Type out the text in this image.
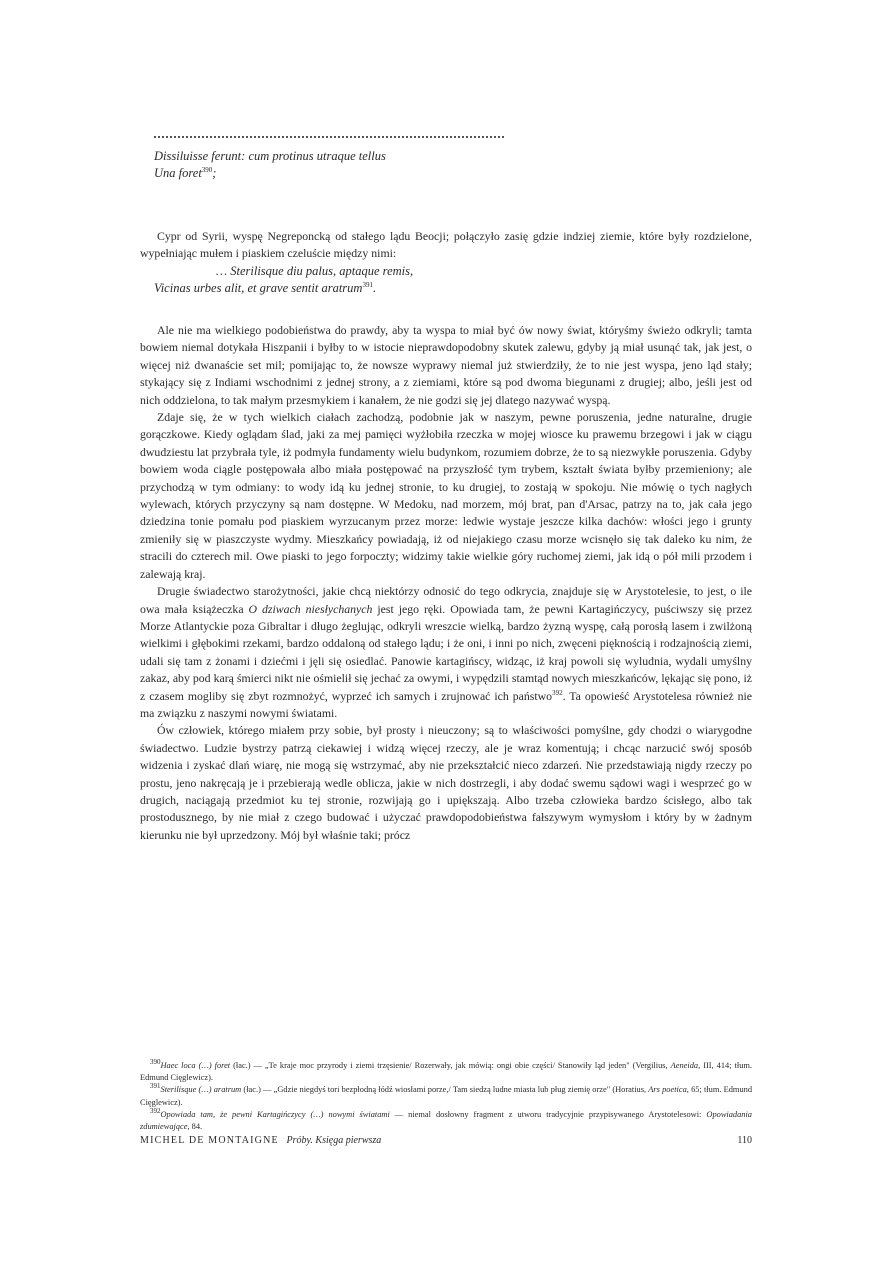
Dissiluisse ferunt: cum protinus utraque tellus
Una foret$^{390}$;

Cypr od Syrii, wyspę Negreponcką od stałego lądu Beocji; połączyło zasię gdzie indziej ziemie, które były rozdzielone, wypełniając mułem i piaskiem czeluście między nimi:

… Sterilisque diu palus, aptaque remis,
Vicinas urbes alit, et grave sentit aratrum$^{391}$.

Ale nie ma wielkiego podobieństwa do prawdy, aby ta wyspa to miał być ów nowy świat, któryśmy świeżo odkryli; tamta bowiem niemal dotykała Hiszpanii i byłby to w istocie nieprawdopodobny skutek zalewu, gdyby ją miał usunąć tak, jak jest, o więcej niż dwanaście set mil; pomijając to, że nowsze wyprawy niemal już stwierdziły, że to nie jest wyspa, jeno ląd stały; stykający się z Indiami wschodnimi z jednej strony, a z ziemiami, które są pod dwoma biegunami z drugiej; albo, jeśli jest od nich oddzielona, to tak małym przesmykiem i kanałem, że nie godzi się jej dlatego nazywać wyspą.

Zdaje się, że w tych wielkich ciałach zachodzą, podobnie jak w naszym, pewne poruszenia, jedne naturalne, drugie gorączkowe. Kiedy oglądam ślad, jaki za mej pamięci wyżłobiła rzeczka w mojej wiosce ku prawemu brzegowi i jak w ciągu dwudziestu lat przybrała tyle, iż podmyła fundamenty wielu budynkom, rozumiem dobrze, że to są niezwykłe poruszenia. Gdyby bowiem woda ciągle postępowała albo miała postępować na przyszłość tym trybem, kształt świata byłby przemieniony; ale przychodzą w tym odmiany: to wody idą ku jednej stronie, to ku drugiej, to zostają w spokoju. Nie mówię o tych nagłych wylewach, których przyczyny są nam dostępne. W Medoku, nad morzem, mój brat, pan d'Arsac, patrzy na to, jak cała jego dziedzina tonie pomału pod piaskiem wyrzucanym przez morze: ledwie wystaje jeszcze kilka dachów: włości jego i grunty zmieniły się w piaszczyste wydmy. Mieszkańcy powiadają, iż od niejakiego czasu morze wcisnęło się tak daleko ku nim, że stracili do czterech mil. Owe piaski to jego forpoczty; widzimy takie wielkie góry ruchomej ziemi, jak idą o pół mili przodem i zalewają kraj.

Drugie świadectwo starożytności, jakie chcą niektórzy odnosić do tego odkrycia, znajduje się w Arystotelesie, to jest, o ile owa mała książeczka O dziwach niesłychanych jest jego ręki. Opowiada tam, że pewni Kartagińczycy, puściwszy się przez Morze Atlantyckie poza Gibraltar i długo żeglując, odkryli wreszcie wielką, bardzo żyzną wyspę, całą porosłą lasem i zwilżoną wielkimi i głębokimi rzekami, bardzo oddaloną od stałego lądu; i że oni, i inni po nich, zwęceni pięknością i rodzajnością ziemi, udali się tam z żonami i dziećmi i jęli się osiedlać. Panowie kartagińscy, widząc, iż kraj powoli się wyludnia, wydali umyślny zakaz, aby pod karą śmierci nikt nie ośmielił się jechać za owymi, i wypędzili stamtąd nowych mieszkańców, lękając się pono, iż z czasem mogliby się zbyt rozmnożyć, wyprzeć ich samych i zrujnować ich państwo$^{392}$. Ta opowieść Arystotelesa również nie ma związku z naszymi nowymi światami.

Ów człowiek, którego miałem przy sobie, był prosty i nieuczony; są to właściwości pomyślne, gdy chodzi o wiarygodne świadectwo. Ludzie bystrzy patrzą ciekawiej i widzą więcej rzeczy, ale je wraz komentują; i chcąc narzucić swój sposób widzenia i zyskać dlań wiarę, nie mogą się wstrzymać, aby nie przekształcić nieco zdarzeń. Nie przedstawiają nigdy rzeczy po prostu, jeno nakręcają je i przebierają wedle oblicza, jakie w nich dostrzegli, i aby dodać swemu sądowi wagi i wesprzeć go w drugich, naciągają przedmiot ku tej stronie, rozwijają go i upiększają. Albo trzeba człowieka bardzo ścisłego, albo tak prostodusznego, by nie miał z czego budować i użyczać prawdopodobieństwa fałszywym wymysłom i który by w żadnym kierunku nie był uprzedzony. Mój był właśnie taki; prócz

$^{390}$Haec loca (…) foret (łac.) — „Te kraje moc przyrody i ziemi trzęsienie/ Rozerwały, jak mówią: ongi obie części/ Stanowiły ląd jeden" (Vergilius, Aeneida, III, 414; tłum. Edmund Cięglewicz).

$^{391}$Sterilisque (…) aratrum (łac.) — „Gdzie niegdyś tori bezpłodną łódź wiosłami porze,/ Tam siedzą ludne miasta lub pług ziemię orze" (Horatius, Ars poetica, 65; tłum. Edmund Cięglewicz).

$^{392}$Opowiada tam, że pewni Kartagińczycy (…) nowymi światami — niemal dosłowny fragment z utworu tradycyjnie przypisywanego Arystotelesowi: Opowiadania zdumiewające, 84.

MICHEL DE MONTAIGNE Próby. Księga pierwsza	110
